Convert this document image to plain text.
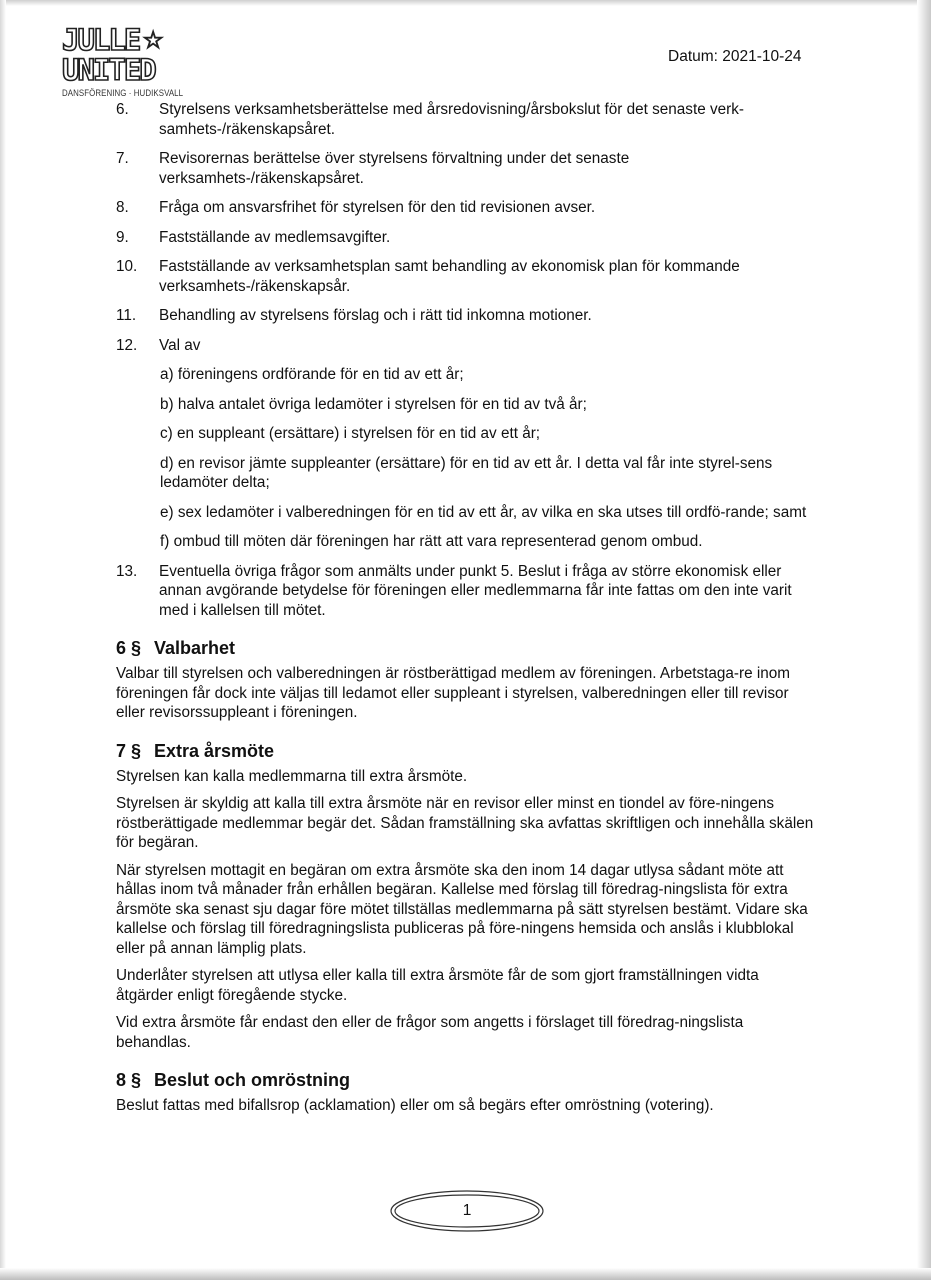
JULLE ☆
UNITED
DANSFÖRENING · HUDIKSVALL
Datum: 2021-10-24
6.	Styrelsens verksamhetsberättelse med årsredovisning/årsbokslut för det senaste verk-samhets-/räkenskapsåret.
7.	Revisorernas berättelse över styrelsens förvaltning under det senaste verksamhets-/räkenskapsåret.
8.	Fråga om ansvarsfrihet för styrelsen för den tid revisionen avser.
9.	Fastställande av medlemsavgifter.
10.	Fastställande av verksamhetsplan samt behandling av ekonomisk plan för kommande verksamhets-/räkenskapsår.
11.	Behandling av styrelsens förslag och i rätt tid inkomna motioner.
12.	Val av
a) föreningens ordförande för en tid av ett år;
b) halva antalet övriga ledamöter i styrelsen för en tid av två år;
c) en suppleant (ersättare) i styrelsen för en tid av ett år;
d) en revisor jämte suppleanter (ersättare) för en tid av ett år. I detta val får inte styrel-sens ledamöter delta;
e) sex ledamöter i valberedningen för en tid av ett år, av vilka en ska utses till ordfö-rande; samt
f) ombud till möten där föreningen har rätt att vara representerad genom ombud.
13.	Eventuella övriga frågor som anmälts under punkt 5. Beslut i fråga av större ekonomisk eller annan avgörande betydelse för föreningen eller medlemmarna får inte fattas om den inte varit med i kallelsen till mötet.
6 § Valbarhet

Valbar till styrelsen och valberedningen är röstberättigad medlem av föreningen. Arbetstaga-re inom föreningen får dock inte väljas till ledamot eller suppleant i styrelsen, valberedningen eller till revisor eller revisorssuppleant i föreningen.

7 § Extra årsmöte

Styrelsen kan kalla medlemmarna till extra årsmöte.

Styrelsen är skyldig att kalla till extra årsmöte när en revisor eller minst en tiondel av före-ningens röstberättigade medlemmar begär det. Sådan framställning ska avfattas skriftligen och innehålla skälen för begäran.

När styrelsen mottagit en begäran om extra årsmöte ska den inom 14 dagar utlysa sådant möte att hållas inom två månader från erhållen begäran. Kallelse med förslag till föredrag-ningslista för extra årsmöte ska senast sju dagar före mötet tillställas medlemmarna på sätt styrelsen bestämt. Vidare ska kallelse och förslag till föredragningslista publiceras på före-ningens hemsida och anslås i klubblokal eller på annan lämplig plats.

Underlåter styrelsen att utlysa eller kalla till extra årsmöte får de som gjort framställningen vidta åtgärder enligt föregående stycke.

Vid extra årsmöte får endast den eller de frågor som angetts i förslaget till föredrag-ningslista behandlas.

8 § Beslut och omröstning

Beslut fattas med bifallsrop (acklamation) eller om så begärs efter omröstning (votering).

1
